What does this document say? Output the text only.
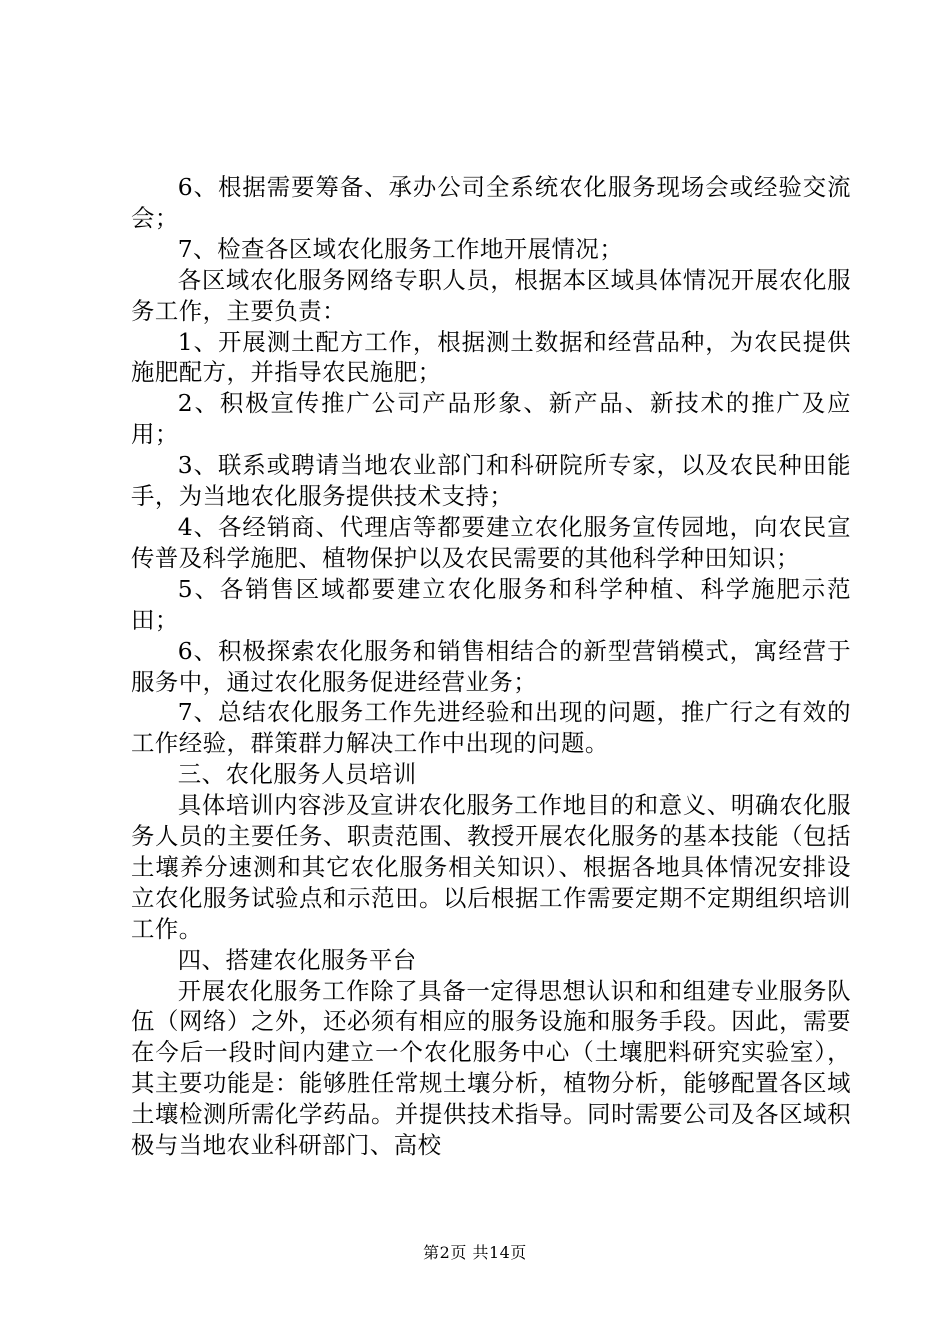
6、根据需要筹备、承办公司全系统农化服务现场会或经验交流会；

7、检查各区域农化服务工作地开展情况；

各区域农化服务网络专职人员，根据本区域具体情况开展农化服务工作，主要负责：

1、开展测土配方工作，根据测土数据和经营品种，为农民提供施肥配方，并指导农民施肥；

2、积极宣传推广公司产品形象、新产品、新技术的推广及应用；

3、联系或聘请当地农业部门和科研院所专家，以及农民种田能手，为当地农化服务提供技术支持；

4、各经销商、代理店等都要建立农化服务宣传园地，向农民宣传普及科学施肥、植物保护以及农民需要的其他科学种田知识；

5、各销售区域都要建立农化服务和科学种植、科学施肥示范田；

6、积极探索农化服务和销售相结合的新型营销模式，寓经营于服务中，通过农化服务促进经营业务；

7、总结农化服务工作先进经验和出现的问题，推广行之有效的工作经验，群策群力解决工作中出现的问题。

三、农化服务人员培训

具体培训内容涉及宣讲农化服务工作地目的和意义、明确农化服务人员的主要任务、职责范围、教授开展农化服务的基本技能（包括土壤养分速测和其它农化服务相关知识）、根据各地具体情况安排设立农化服务试验点和示范田。以后根据工作需要定期不定期组织培训工作。

四、搭建农化服务平台

开展农化服务工作除了具备一定得思想认识和和组建专业服务队伍（网络）之外，还必须有相应的服务设施和服务手段。因此，需要在今后一段时间内建立一个农化服务中心（土壤肥料研究实验室），其主要功能是：能够胜任常规土壤分析，植物分析，能够配置各区域土壤检测所需化学药品。并提供技术指导。同时需要公司及各区域积极与当地农业科研部门、高校

第2页 共14页
